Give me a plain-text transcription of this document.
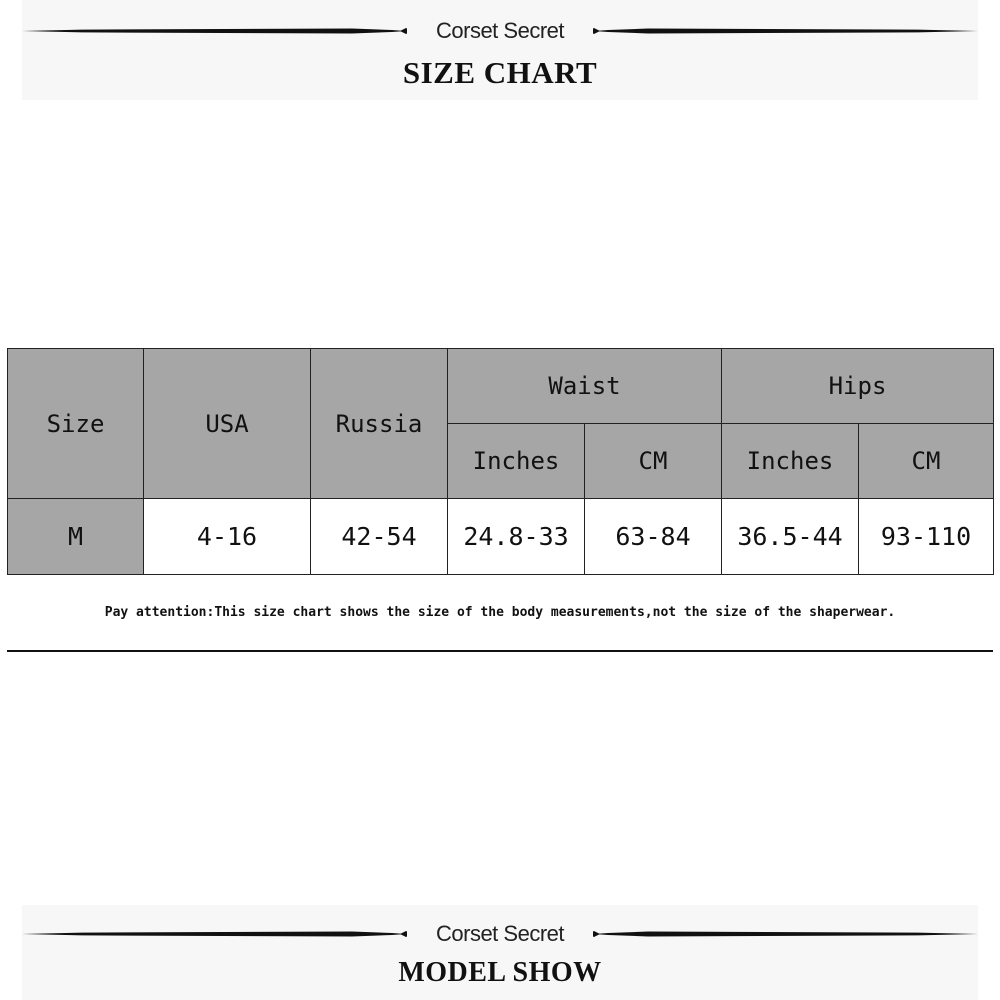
Corset Secret
SIZE CHART
Size	USA	Russia	Waist		Hips	
			Inches	CM	Inches	CM
M	4-16	42-54	24.8-33	63-84	36.5-44	93-110
Pay attention:This size chart shows the size of the body measurements,not the size of the shaperwear.
Corset Secret
MODEL SHOW
